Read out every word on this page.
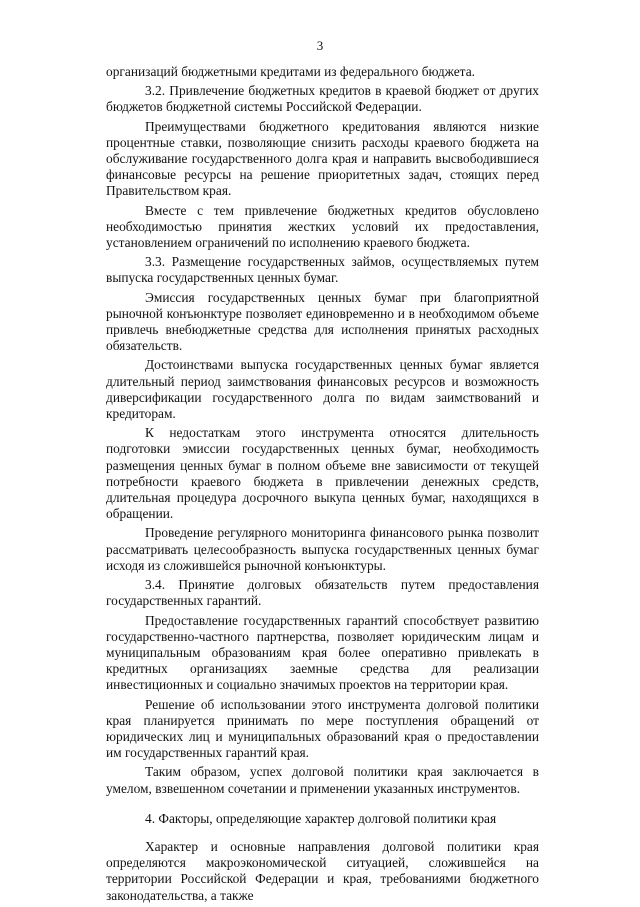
3

организаций бюджетными кредитами из федерального бюджета.

3.2. Привлечение бюджетных кредитов в краевой бюджет от других бюджетов бюджетной системы Российской Федерации.

Преимуществами бюджетного кредитования являются низкие процентные ставки, позволяющие снизить расходы краевого бюджета на обслуживание государственного долга края и направить высвободившиеся финансовые ресурсы на решение приоритетных задач, стоящих перед Правительством края.

Вместе с тем привлечение бюджетных кредитов обусловлено необходимостью принятия жестких условий их предоставления, установлением ограничений по исполнению краевого бюджета.

3.3. Размещение государственных займов, осуществляемых путем выпуска государственных ценных бумаг.

Эмиссия государственных ценных бумаг при благоприятной рыночной конъюнктуре позволяет единовременно и в необходимом объеме привлечь внебюджетные средства для исполнения принятых расходных обязательств.

Достоинствами выпуска государственных ценных бумаг является длительный период заимствования финансовых ресурсов и возможность диверсификации государственного долга по видам заимствований и кредиторам.

К недостаткам этого инструмента относятся длительность подготовки эмиссии государственных ценных бумаг, необходимость размещения ценных бумаг в полном объеме вне зависимости от текущей потребности краевого бюджета в привлечении денежных средств, длительная процедура досрочного выкупа ценных бумаг, находящихся в обращении.

Проведение регулярного мониторинга финансового рынка позволит рассматривать целесообразность выпуска государственных ценных бумаг исходя из сложившейся рыночной конъюнктуры.

3.4. Принятие долговых обязательств путем предоставления государственных гарантий.

Предоставление государственных гарантий способствует развитию государственно-частного партнерства, позволяет юридическим лицам и муниципальным образованиям края более оперативно привлекать в кредитных организациях заемные средства для реализации инвестиционных и социально значимых проектов на территории края.

Решение об использовании этого инструмента долговой политики края планируется принимать по мере поступления обращений от юридических лиц и муниципальных образований края о предоставлении им государственных гарантий края.

Таким образом, успех долговой политики края заключается в умелом, взвешенном сочетании и применении указанных инструментов.

4. Факторы, определяющие характер долговой политики края

Характер и основные направления долговой политики края определяются макроэкономической ситуацией, сложившейся на территории Российской Федерации и края, требованиями бюджетного законодательства, а также
